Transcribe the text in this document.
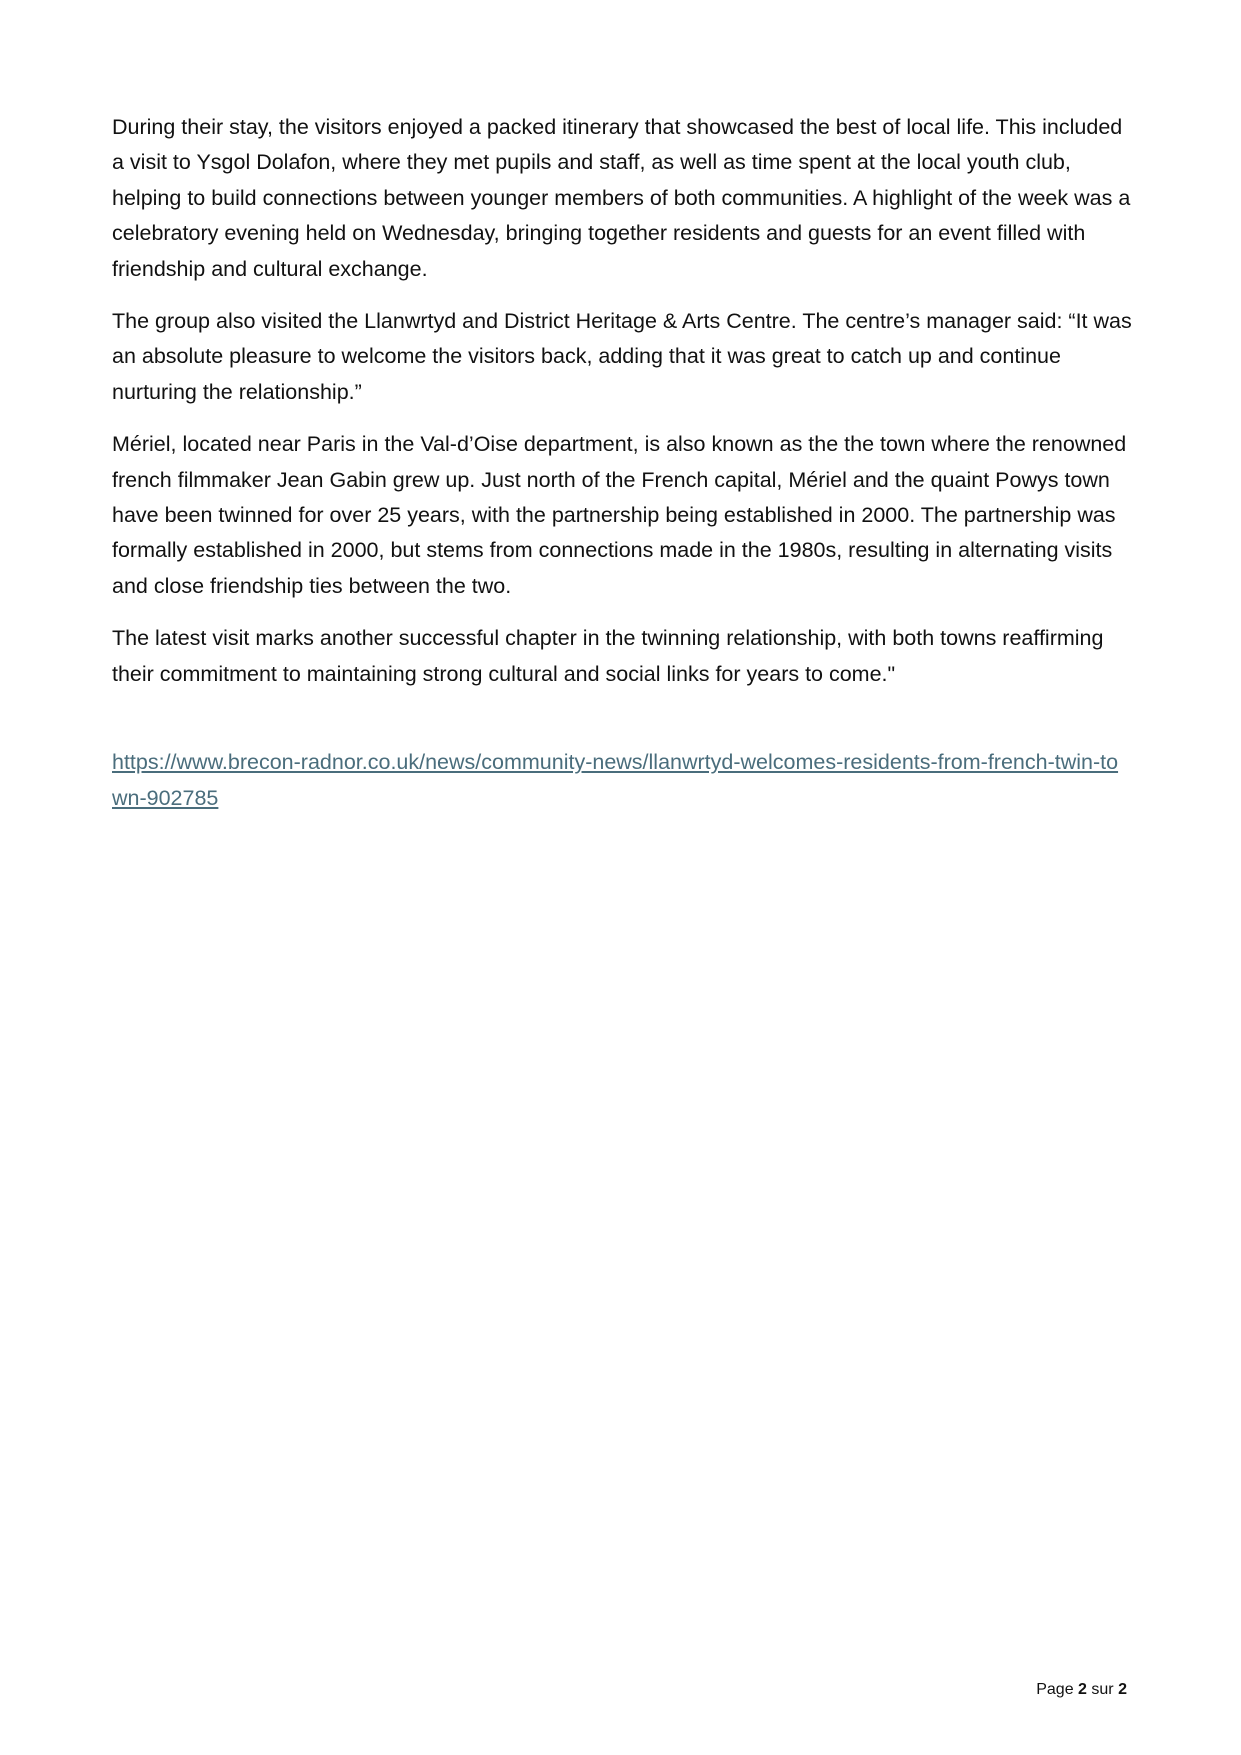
During their stay, the visitors enjoyed a packed itinerary that showcased the best of local life. This included a visit to Ysgol Dolafon, where they met pupils and staff, as well as time spent at the local youth club, helping to build connections between younger members of both communities. A highlight of the week was a celebratory evening held on Wednesday, bringing together residents and guests for an event filled with friendship and cultural exchange.

The group also visited the Llanwrtyd and District Heritage & Arts Centre. The centre’s manager said: “It was an absolute pleasure to welcome the visitors back, adding that it was great to catch up and continue nurturing the relationship.”

Mériel, located near Paris in the Val-d’Oise department, is also known as the the town where the renowned french filmmaker Jean Gabin grew up. Just north of the French capital, Mériel and the quaint Powys town have been twinned for over 25 years, with the partnership being established in 2000. The partnership was formally established in 2000, but stems from connections made in the 1980s, resulting in alternating visits and close friendship ties between the two.

The latest visit marks another successful chapter in the twinning relationship, with both towns reaffirming their commitment to maintaining strong cultural and social links for years to come."

https://www.brecon-radnor.co.uk/news/community-news/llanwrtyd-welcomes-residents-from-french-twin-town-902785
Page 2 sur 2
